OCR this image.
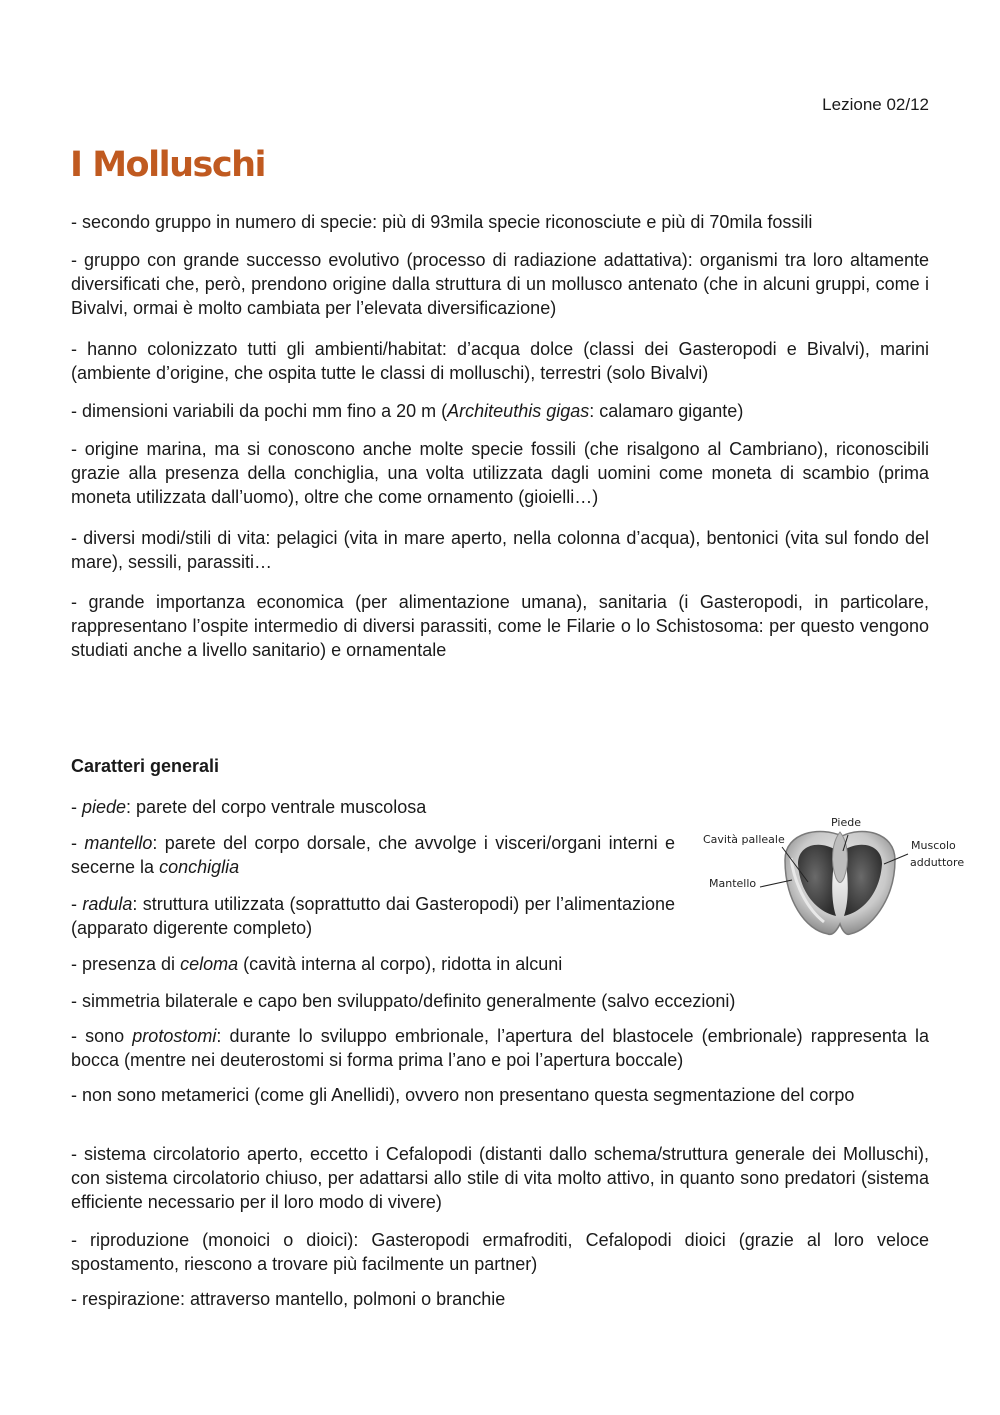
Lezione 02/12
I Molluschi

- secondo gruppo in numero di specie: più di 93mila specie riconosciute e più di 70mila fossili

- gruppo con grande successo evolutivo (processo di radiazione adattativa): organismi tra loro altamente diversificati che, però, prendono origine dalla struttura di un mollusco antenato (che in alcuni gruppi, come i Bivalvi, ormai è molto cambiata per l’elevata diversificazione)

- hanno colonizzato tutti gli ambienti/habitat: d’acqua dolce (classi dei Gasteropodi e Bivalvi), marini (ambiente d’origine, che ospita tutte le classi di molluschi), terrestri (solo Bivalvi)

- dimensioni variabili da pochi mm fino a 20 m (Architeuthis gigas: calamaro gigante)

- origine marina, ma si conoscono anche molte specie fossili (che risalgono al Cambriano), riconoscibili grazie alla presenza della conchiglia, una volta utilizzata dagli uomini come moneta di scambio (prima moneta utilizzata dall’uomo), oltre che come ornamento (gioielli…)

- diversi modi/stili di vita: pelagici (vita in mare aperto, nella colonna d’acqua), bentonici (vita sul fondo del mare), sessili, parassiti…

- grande importanza economica (per alimentazione umana), sanitaria (i Gasteropodi, in particolare, rappresentano l’ospite intermedio di diversi parassiti, come le Filarie o lo Schistosoma: per questo vengono studiati anche a livello sanitario) e ornamentale

Caratteri generali

- piede: parete del corpo ventrale muscolosa

- mantello: parete del corpo dorsale, che avvolge i visceri/organi interni e secerne la conchiglia

- radula: struttura utilizzata (soprattutto dai Gasteropodi) per l’alimentazione (apparato digerente completo)

- presenza di celoma (cavità interna al corpo), ridotta in alcuni

- simmetria bilaterale e capo ben sviluppato/definito generalmente (salvo eccezioni)

- sono protostomi: durante lo sviluppo embrionale, l’apertura del blastocele (embrionale) rappresenta la bocca (mentre nei deuterostomi si forma prima l’ano e poi l’apertura boccale)

- non sono metamerici (come gli Anellidi), ovvero non presentano questa segmentazione del corpo

- sistema circolatorio aperto, eccetto i Cefalopodi (distanti dallo schema/struttura generale dei Molluschi), con sistema circolatorio chiuso, per adattarsi allo stile di vita molto attivo, in quanto sono predatori (sistema efficiente necessario per il loro modo di vivere)

- riproduzione (monoici o dioici): Gasteropodi ermafroditi, Cefalopodi dioici (grazie al loro veloce spostamento, riescono a trovare più facilmente un partner)

- respirazione: attraverso mantello, polmoni o branchie

Piede
Cavità palleale	Muscolo
adduttore
Mantello
